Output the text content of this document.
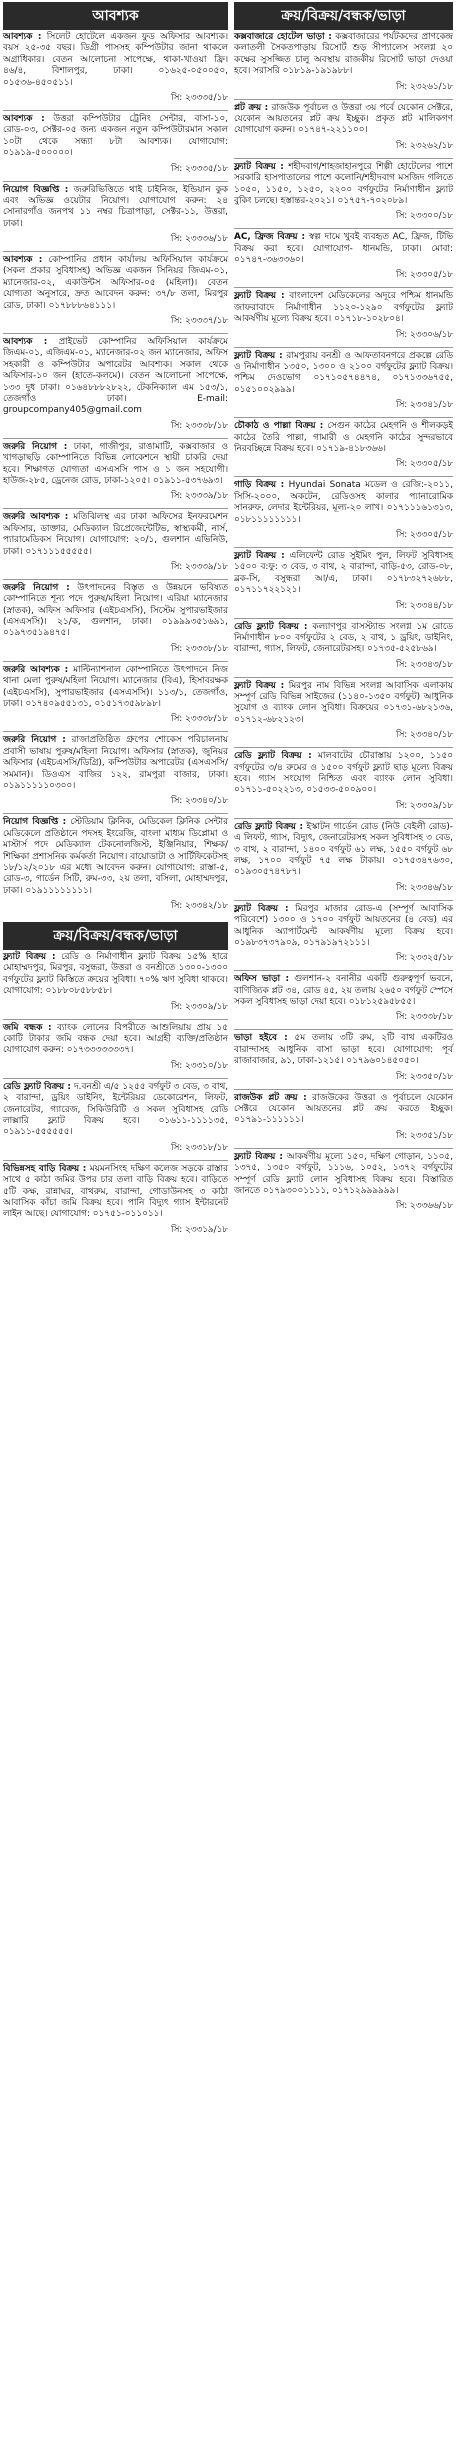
আবশ্যক

আবশ্যক : সিলেট হোটেলে একজন ফুড অফিসার আবশ্যক। বয়স ২৫-৩৫ বছর। ডিগ্রী পাসসহ কম্পিউটার জানা থাকলে অগ্রাধিকার। বেতন আলোচনা সাপেক্ষে, থাকা-খাওয়া ফ্রি। ৪৬/৪, বিশালপুর, ঢাকা। ০১৬২৫-০৫০০৫০, ০১৫৩৬-৪৫০৫১১।

সি: ২৩৩৩৫/১৮

আবশ্যক : উত্তরা কম্পিউটার ট্রেনিং সেন্টার, বাসা-১০, রোড-০৩, সেক্টর-০৫ জন্য একজন নতুন কম্পিউটারমান সকাল ১০টা থেকে সন্ধ্যা ৮টা আবশ্যক। যোগাযোগ: ০১৯১৯-৫০০০০০।

সি: ২৩৩৩৫/১৮

নিয়োগ বিজ্ঞপ্তি : জরুরিভিত্তিতে থাই চাইনিজ, ইন্ডিয়ান কুক এবং অভিজ্ঞ ওয়েটার নিয়োগ। যোগাযোগ করুন: ২৪ সোনারগাঁও জনপথ ১১ নম্বর চিত্রাপাড়া, সেক্টর-১১, উত্তরা, ঢাকা।

সি: ২৩৩৩৬/১৮

আবশ্যক : কোম্পানির প্রধান কার্যালয় অফিসিয়াল কার্যক্রমে (সকল প্রকার সুবিধাসহ) অভিজ্ঞ একজন সিনিয়র জিএম-০১, ম্যানেজার-০২, একাউন্টস অফিসার-০৫ (মহিলা)। বেতন যোগ্যতা অনুসারে, দ্রুত আবেদন করুন: ৩৭/৮ তলা, মিরপুর রোড, ঢাকা। ০১৭৮৮৮৬৪১১১।

সি: ২৩৩৩৭/১৮

আবশ্যক : প্রাইভেট কোম্পানির অফিসিয়াল কার্যক্রমে জিএম-০১, এজিএম-০১, ম্যানেজার-০২ জন ম্যানেজার, অফিস সহকারী ও কম্পিউটার অপারেটর আবশ্যক। সকাল থেকে অফিসার-১০ জন (হাতে-কলমে)। বেতন আলোচনা সাপেক্ষে, ১৩৩ দুধ ঢাকা। ০১৬৪৮৮৮২৮২২, টেকনিক্যাল এম ১৫৩/১, তেজগাঁও ঢাকা। E-mail: groupcompany405@gmail.com

সি: ২৩৩৩৮/১৮

জরুরি নিয়োগ : ঢাকা, গাজীপুর, রাঙামাটি, কক্সবাজার ও খাগড়াছড়ি কোম্পানিতে বিভিন্ন লোকেশনে স্থায়ী চাকরি দেয়া হবে। শিক্ষাগত যোগ্যতা এসএসসি পাস ও ১ জন সহযোগী। হাউজ-২৮৫, ড্রেনেজ রোড, ঢাকা-১২০৫। ০১৯১১-৫৩৭৬৯৩।

সি: ২৩৩৩৯/১৮

জরুরি আবশ্যক : মতিঝিলস্থ এর ঢাকা অফিসের ইনফরমেশন অফিসার, ডাক্তার, মেডিক্যাল রিপ্রেজেন্টেটিভ, স্বাস্থ্যকর্মী, নার্স, প্যারামেডিকস নিয়োগ। যোগাযোগ: ২০/১, গুলশান এভিনিউ, ঢাকা। ০১৭১১১৫৫৫৫৫।

সি: ২৩৩৩৯/১৮

জরুরি নিয়োগ : উৎপাদনের বিস্তৃত ও উন্নয়নে ভবিষ্যত কোম্পানিতে শূন্য পদে পুরুষ/মহিলা নিয়োগ। এরিয়া ম্যানেজার (স্নাতক), অফিস অফিসার (এইচএসসি), সিস্টেম সুপারভাইজার (এসএসসি)। ২১/ক, গুলশান, ঢাকা। ০১৯৯৯৩৫১৬৯১, ০১৯৭৩৫১৯৪৭৫।

সি: ২৩৩৩৮/১৮

জরুরি আবশ্যক : মাল্টিন্যাশনাল কোম্পানিতে উৎপাদনে নিজ থানা মেলা পুরুষ/মহিলা নিয়োগ। ম্যানেজার (বিএ), হিসাবরক্ষক (এইচএসসি), সুপারভাইজার (এসএসসি)। ১১৩/১, তেজগাঁও, ঢাকা। ০১৭৪০৯৫৫১৩১, ০১৫১৭৩৫৯৮৯৮।

সি: ২৩৩৩৮/১৮

জরুরি নিয়োগ : রাজাপ্রতিষ্ঠিত গ্রুপের শোকেস পরিচালনায় প্রবাসী ভাষায় পুরুষ/মহিলা নিয়োগ। অফিসার (স্নাতক), জুনিয়র অফিসার (এইচএসসি/ডিগ্রি), কম্পিউটার অপারেটর (এসএসসি/সমমান)। ডিওএস বাজির ১২২, রামপুরা বাজার, ঢাকা। ০১৯১১১১১০৩০০।

সি: ২৩৩৪০/১৮

নিয়োগ বিজ্ঞপ্তি : স্টেডিয়াম ক্লিনিক, মেডিকেল ক্লিনিক সেন্টার মেডিকেলে প্রতিষ্ঠানে পদসহ ইংরেজি, বাংলা মাধ্যম ডিপ্লোমা ও মাস্টার্স পদে মেডিক্যাল টেকনোলজিস্ট, ইঞ্জিনিয়ার, শিক্ষক/শিক্ষিকা প্রশাসনিক কর্মকর্তা নিয়োগ। বায়োডাটা ও সার্টিফিকেটসহ ১৮/১২/২০১৮ এর মধ্যে আবেদন করুন। যোগাযোগ: রাস্তা-৫, রোড-৩, গার্ডেন সিটি, রুম-৩৩, ২য় তলা, বসিলা, মোহাম্মদপুর, ঢাকা। ০১৯১১১১১১১১।

সি: ২৩৩৪২/১৮
ক্রয়/বিক্রয়/বন্ধক/ভাড়া

ফ্ল্যাট বিক্রয় : রেডি ও নির্মাণাধীন ফ্ল্যাট বিক্রয় ১৫% হারে মোহাম্মদপুর, মিরপুর, বসুন্ধরা, উত্তরা ও বনশ্রীতে ১৩০০-১৩০০ বর্গফুটের ফ্ল্যাট কিস্তিতে ক্রয়ের সুবিধা। ৭০% ঋণ সুবিধা থাকবে। যোগাযোগ: ০১৮৮০৮৫৮৮৫৮।

সি: ২৩৩০৯/১৮

জমি বন্ধক : ব্যাংক লোনের বিপরীতে আশুলিয়ায় প্রায় ১৫ কোটি টাকার জমি বন্ধক দেয়া হবে। আগ্রহী ব্যক্তি/প্রতিষ্ঠান যোগাযোগ করুন: ০১৭৩৩৩৩৩৩৩৭।

সি: ২৩৩১০/১৮

রেডি ফ্ল্যাট বিক্রয় : দ.বনশ্রী এ/৫ ১২৫৫ বর্গফুট ৩ বেড, ৩ বাথ, ২ বারান্দা, ড্রয়িং ডাইনিং, ইন্টেরিয়র ডেকোরেশন, লিফট, জেনারেটর, গ্যারেজ, সিকিউরিটি ও সকল সুবিধাসহ রেডি লাক্সারি ফ্ল্যাট বিক্রয় হবে। ০১৬১১-১১১১৩৫, ০১৯১১-৫৫৫৫৫৫।

সি: ২৩৩১৮/১৮

বিভিন্নসহ বাড়ি বিক্রয় : ময়মনসিংহ দক্ষিণ কলেজ সড়কে রাস্তার সাথে ৫ কাঠা জমির উপর চার তলা বাড়ি বিক্রয় হবে। বাড়িতে ৫টি কক্ষ, রান্নাঘর, বাথরুম, বারান্দা, গোডাউনসহ ৩ কাঠা আবাসিক কাঁচা জমি বিক্রয় হবে। পানি বিদ্যুৎ গ্যাস ইন্টারনেট লাইন আছে। যোগাযোগ: ০১৭৫১-০১১০১১।

সি: ২৩৩১৯/১৮
ক্রয়/বিক্রয়/বন্ধক/ভাড়া

কক্সবাজারে হোটেল ভাড়া : কক্সবাজারের পর্যটকদের প্রাণকেন্দ্র কলাতলী সৈকতপাড়ায় রিসোর্ট শুড় সীপ্যালেস সংলগ্ন ২০ কক্ষের সুসজ্জিত চালু অবস্থায় রাজকীয় রিসোর্ট ভাড়া দেওয়া হবে। সরাসরি ০১৮১৯-১৯১৯৮৮।

সি: ২৩২৬১/১৮

প্লট ক্রয় : রাজউক পূর্বাচল ও উত্তরা ৩য় পর্বে যেকোন সেক্টরে, যেকোন আয়তনের প্লট ক্রয় ইচ্ছুক। প্রকৃত প্লট মালিকগণ যোগাযোগ করুন। ০১৭৪৭-২২১১০০।

সি: ২৩২৬২/১৮

ফ্ল্যাট বিক্রয় : শহীদবাগ/শাহজাহানপুরে শিল্পী হোটেলের পাশে সরকারি হাসপাতালের পাশে কলোনি/শহীদবাগ মসজিদ গলিতে ১০৫০, ১১৫০, ১২৫০, ২২০০ বর্গফুটের নির্মাণাধীন ফ্ল্যাট বুকিং চলছে। হস্তান্তর-২০২১। ০১৭৫৭-৭০২০৮৯।

সি: ২৩৩০০/১৮

AC, ফ্রিজ বিক্রয় : স্বল্প দামে খুবই ব্যবহৃত AC, ফ্রিজ, টিভি বিক্রয় করা হবে। যোগাযোগ- ধানমন্ডি, ঢাকা। মোবা: ০১৭৪৭-৩৬৩৩৬০।

সি: ২৩৩০৫/১৮

ফ্ল্যাট বিক্রয় : বাংলাদেশ মেডিকেলের অদূরে পশ্চিম ধানমন্ডি জাফরাবাদে নির্মাণাধীন ১১২০-১২৯০ বর্গফুটের ফ্ল্যাট আকর্ষণীয় মূল্যে বিক্রয় হবে। ০১৭১৮-১০২৮০৪।

সি: ২৩৩০৬/১৮

ফ্ল্যাট বিক্রয় : রামপুরায় বনশ্রী ও আফতাবনগরে প্রকল্পে রেডি ও নির্মাণাধীন ১৩৫০, ১৩০০ ও ২১০০ বর্গফুটের ফ্ল্যাট বিক্রয়। পশ্চিম দেওভোগ ০১৭১০৫৭৪৪৭৪, ০১৭১৩৩৬৭৫৫, ০১৫১০০২৯৯৯।

সি: ২৩৩৪১/১৮

চৌকাঠ ও পাল্লা বিক্রয় : সেগুন কাঠের মেহগনি ও শীলকড়ই কাঠের তৈরি পাল্লা, গামারী ও মেহগনি কাঠের সুন্দরভাবে নিরবচ্ছিন্নে বিক্রয় হবে। ০১৭১৯-৪১৮৩৬৬।

সি: ২৩৩০৫/১৮

গাড়ি বিক্রয় : Hyundai Sonata মডেল ও রেজি:-২০১১, সিসি-২০০০, অকটেন, রেডিওসহ কালার প্যানারোমিক সানরুফ, লেদার ইন্টেরিয়র, মূল্য-২০ লাখ। ০১৭১১১৬১৩১৩, ০১৮১১১১১১১১।

সি: ২৩৩০৫/১৮

ফ্ল্যাট বিক্রয় : এলিফেন্ট রোড সুইমিং পুল, লিফট সুবিধাসহ ১৫০০ ব:ফু: ৩ বেড, ৩ বাথ, ২ বারান্দা, বাড়ি-৫৩, রোড-০৮, ব্লক-সি, বসুন্ধরা আ/এ, ঢাকা। ০১৭৮৩২৭২৬৮৮, ০১৭১১৭২২১২১।

সি: ২৩৩৪৪/১৮

রেডি ফ্ল্যাট বিক্রয় : কল্যাণপুর বাসস্ট্যান্ড সংলগ্ন ১ম রোডে নির্মাণাধীন ৮০০ বর্গফুটের ২ বেড, ২ বাথ, ১ ড্রয়িং, ডাইনিং, বারান্দা, গ্যাস, লিফট, জেনারেটরসহ। ০১৭৩৫-৫২৫৮৬৯।

সি: ২৩৩৪৩/১৮

ফ্ল্যাট বিক্রয় : মিরপুর নাম বিভিন্ন সংলগ্ন আবাসিক এলাকায় সম্পূর্ণ রেডি বিভিন্ন সাইজের (১১৪০-১৩৫০ বর্গফুট) আধুনিক সুযোগ ও ব্যাংক লোন সুবিধা। বিক্রয়ের ০১৭৩১-৬৮২১৩৬, ০১৭১২-৬৮২১২৩।

সি: ২৩৩৪০/১৮

রেডি ফ্ল্যাট বিক্রয় : মালবাটের চৌরাস্তায় ১২০০, ১১৫০ বর্গফুটের ৩/৪ রুমের ও ১৫০০ বর্গফুট ফ্ল্যাট ছাড় মূল্যে বিক্রয় হবে। গ্যাস সংযোগ নিশ্চিত এবং ব্যাংক লোন সুবিধা। ০১৭১১-৫০২২১৩, ০১৫৩৩-৫০০৯০০।

সি: ২৩৩০৯/১৮

রেডি ফ্ল্যাট বিক্রয় : ইস্কাটন গার্ডেন রোড (নিউ বেইলী রোড)-এ লিফট, গ্যাস, বিদ্যুৎ, জেনারেটরসহ সকল সুবিধাসহ ৩ বেড, ৩ বাথ, ২ বারান্দা, ১৪০০ বর্গফুট ৬১ লক্ষ, ১৫৫০ বর্গফুট ৬৮ লক্ষ, ১৭০০ বর্গফুট ৭৫ লক্ষ টাকায়। ০১৭৫৩৪৭৬৩০, ০১৯৩০৫৭৪৭৮৭।

সি: ২৩৩৪৬/১৮

ফ্ল্যাট বিক্রয় : মিরপুর মাজার রোড-এ (সম্পূর্ণ আবাসিক পরিবেশে) ১৩০০ ও ১৭০০ বর্গফুট আয়তনের (৪ বেড) এর আধুনিক অ্যাপার্টমেন্ট আকর্ষণীয় মূল্যে বিক্রয় হবে। ০১৯৮৩৭৩৭৯০৯, ০১৭৯১৯৭২১১১।

সি: ২৩৩২৫/১৮

অফিস ভাড়া : গুলশান-২ বনানীর একটি গুরুত্বপূর্ণ ভবনে, বাণিজ্যিক প্লট ৩৪, রোড ৪৫, ২য় তলায় ২৬৫০ বর্গফুট স্পেসে সকল সুবিধাসহ ভাড়া দেয়া হবে। ০১৮১২৫৯৫৮৫৫।

সি: ২৩৩৩৮/১৮

ভাড়া হইবে : ৫ম তলায় ৩টি রুম, ২টি বাথ একটিরও বারান্দাসহ আধুনিক বাসা ভাড়া হবে। যোগাযোগ: পূর্ব রাজাবাজার, ৯১, ঢাকা-১২১৫। ০১৭৯৬০১৪৫০৫০।

সি: ২৩৩৫০/১৮

রাজউক প্লট ক্রয় : রাজউকের উত্তরা ও পূর্বাচলে যেকোন সেক্টরে যেকোন আয়তনের প্লট ক্রয় করতে ইচ্ছুক। ০১৭৯১-১১১১১১।

সি: ২৩৩৫১/১৮

ফ্ল্যাট বিক্রয় : আকর্ষণীয় মূল্যে ১৫০, দক্ষিণ গোড়ান, ১১০৫, ১৩৭৫, ১৩৫০ বর্গফুট, ১১১৬, ১০৫২, ১৩৭২ বর্গফুটের সম্পূর্ণ রেডি ফ্ল্যাট লোন সুবিধাসহ বিক্রয় হবে। বিস্তারিত জানতে ০১৭৯৩০০১১১১, ০১৭১২৯৯৯৯৯৯।

সি: ২৩৩৬৬/১৮
